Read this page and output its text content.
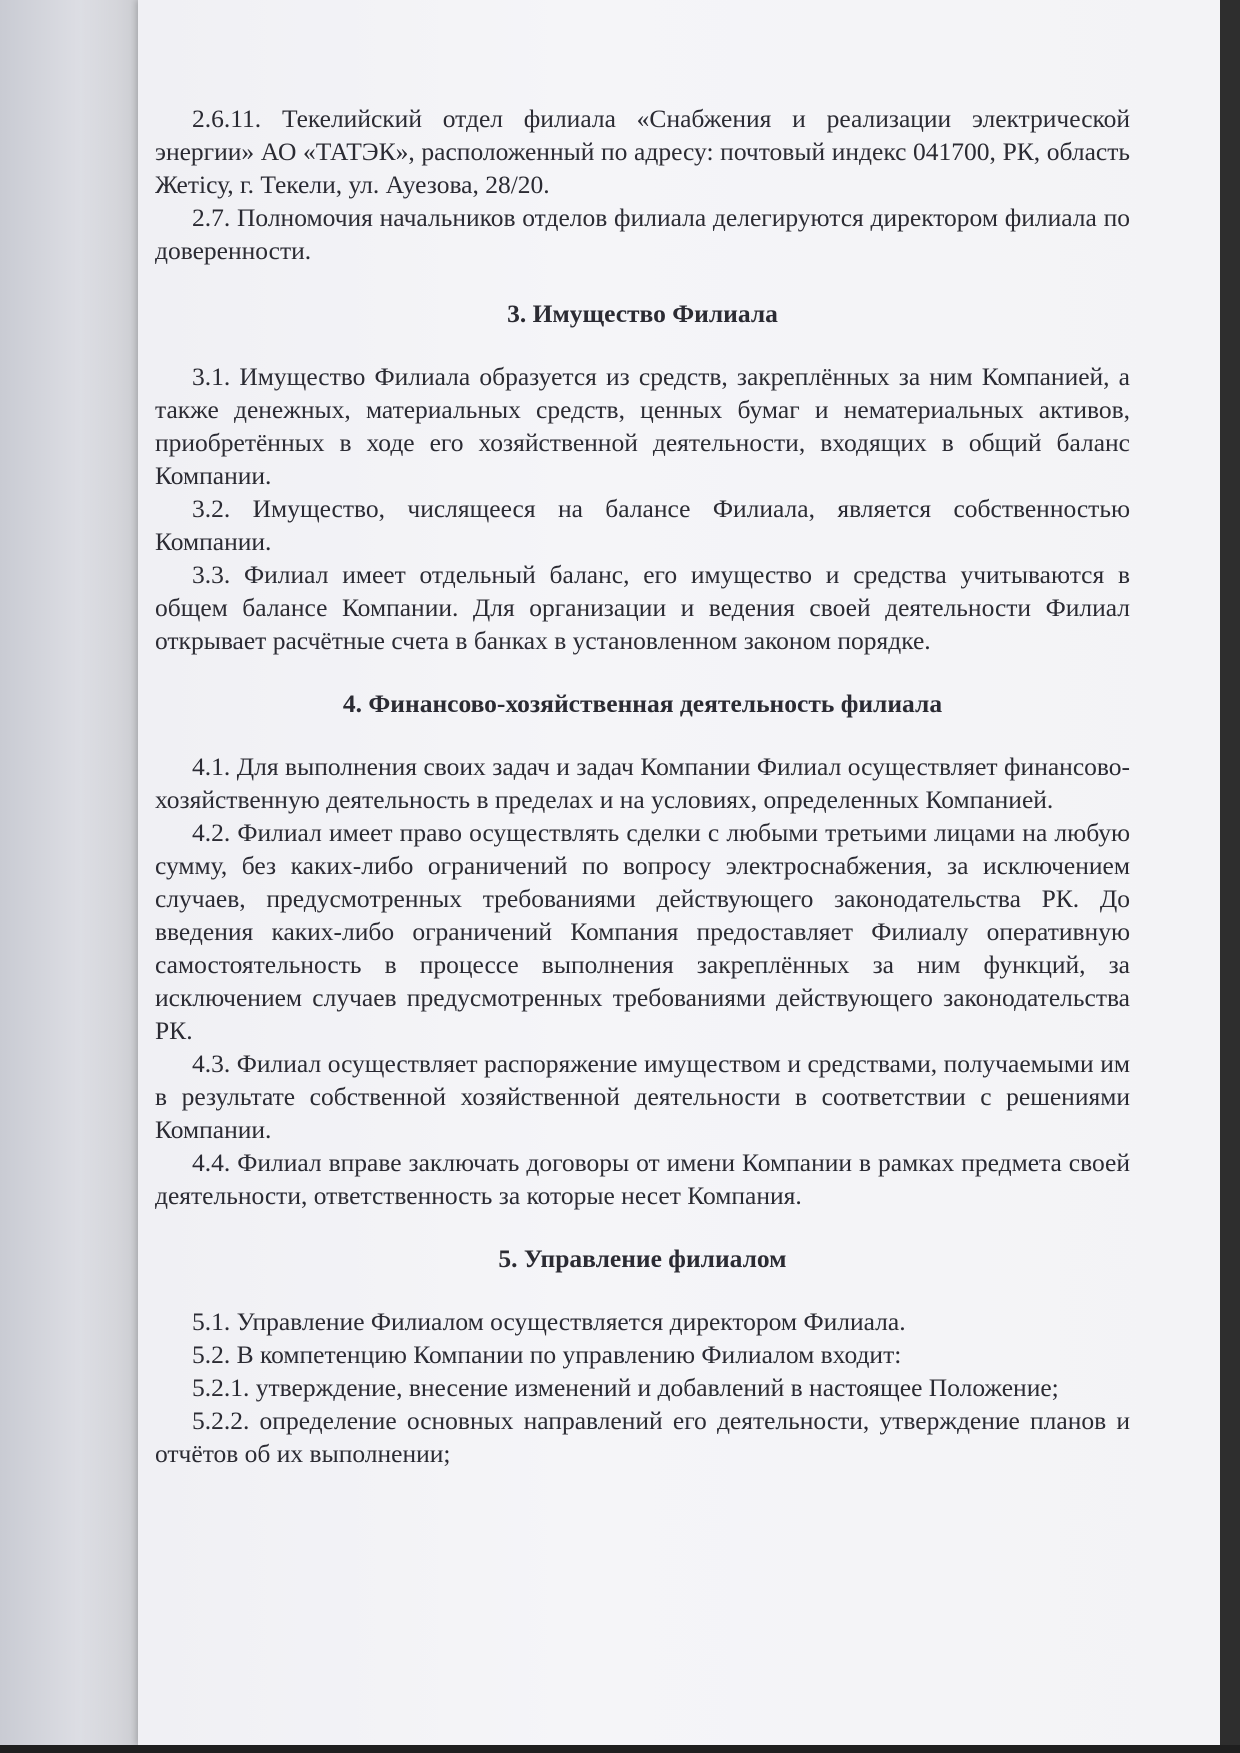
2.6.11. Текелийский отдел филиала «Снабжения и реализации электрической энергии» АО «ТАТЭК», расположенный по адресу: почтовый индекс 041700, РК, область Жетісу, г. Текели, ул. Ауезова, 28/20.

2.7. Полномочия начальников отделов филиала делегируются директором филиала по доверенности.

3. Имущество Филиала

3.1. Имущество Филиала образуется из средств, закреплённых за ним Компанией, а также денежных, материальных средств, ценных бумаг и нематериальных активов, приобретённых в ходе его хозяйственной деятельности, входящих в общий баланс Компании.

3.2. Имущество, числящееся на балансе Филиала, является собственностью Компании.

3.3. Филиал имеет отдельный баланс, его имущество и средства учитываются в общем балансе Компании. Для организации и ведения своей деятельности Филиал открывает расчётные счета в банках в установленном законом порядке.

4. Финансово-хозяйственная деятельность филиала

4.1. Для выполнения своих задач и задач Компании Филиал осуществляет финансово-хозяйственную деятельность в пределах и на условиях, определенных Компанией.

4.2. Филиал имеет право осуществлять сделки с любыми третьими лицами на любую сумму, без каких-либо ограничений по вопросу электроснабжения, за исключением случаев, предусмотренных требованиями действующего законодательства РК. До введения каких-либо ограничений Компания предоставляет Филиалу оперативную самостоятельность в процессе выполнения закреплённых за ним функций, за исключением случаев предусмотренных требованиями действующего законодательства РК.

4.3. Филиал осуществляет распоряжение имуществом и средствами, получаемыми им в результате собственной хозяйственной деятельности в соответствии с решениями Компании.

4.4. Филиал вправе заключать договоры от имени Компании в рамках предмета своей деятельности, ответственность за которые несет Компания.

5. Управление филиалом

5.1. Управление Филиалом осуществляется директором Филиала.

5.2. В компетенцию Компании по управлению Филиалом входит:

5.2.1. утверждение, внесение изменений и добавлений в настоящее Положение;

5.2.2. определение основных направлений его деятельности, утверждение планов и отчётов об их выполнении;
